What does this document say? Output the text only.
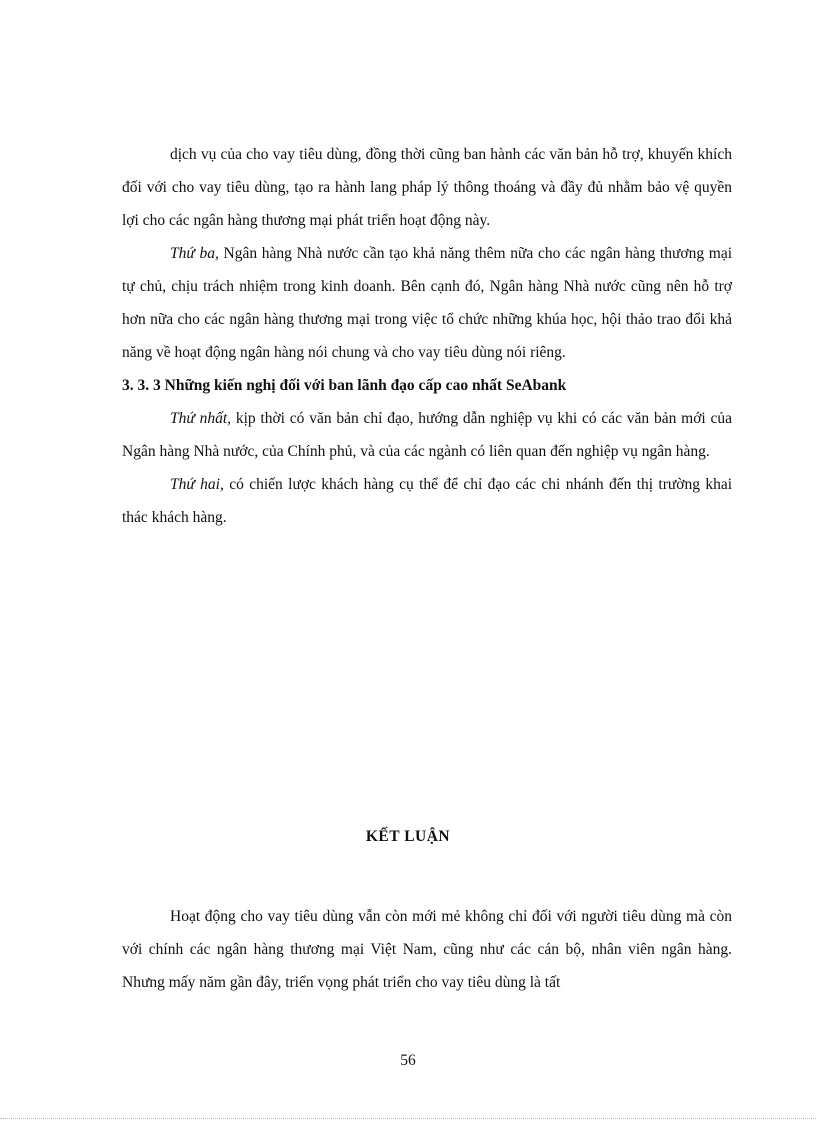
dịch vụ của cho vay tiêu dùng, đồng thời cũng ban hành các văn bản hỗ trợ, khuyến khích đối với cho vay tiêu dùng, tạo ra hành lang pháp lý thông thoáng và đầy đủ nhằm bảo vệ quyền lợi cho các ngân hàng thương mại phát triển hoạt động này.

Thứ ba, Ngân hàng Nhà nước cần tạo khả năng thêm nữa cho các ngân hàng thương mại tự chủ, chịu trách nhiệm trong kinh doanh. Bên cạnh đó, Ngân hàng Nhà nước cũng nên hỗ trợ hơn nữa cho các ngân hàng thương mại trong việc tổ chức những khúa học, hội thảo trao đổi khả năng về hoạt động ngân hàng nói chung và cho vay tiêu dùng nói riêng.

3. 3. 3 Những kiến nghị đối với ban lãnh đạo cấp cao nhất SeAbank

Thứ nhất, kịp thời có văn bản chỉ đạo, hướng dẫn nghiệp vụ khi có các văn bản mới của Ngân hàng Nhà nước, của Chính phủ, và của các ngành có liên quan đến nghiệp vụ ngân hàng.

Thứ hai, có chiến lược khách hàng cụ thể để chỉ đạo các chi nhánh đến thị trường khai thác khách hàng.

KẾT LUẬN

Hoạt động cho vay tiêu dùng vẫn còn mới mẻ không chỉ đối với người tiêu dùng mà còn với chính các ngân hàng thương mại Việt Nam, cũng như các cán bộ, nhân viên ngân hàng. Nhưng mấy năm gần đây, triển vọng phát triển cho vay tiêu dùng là tất

56
